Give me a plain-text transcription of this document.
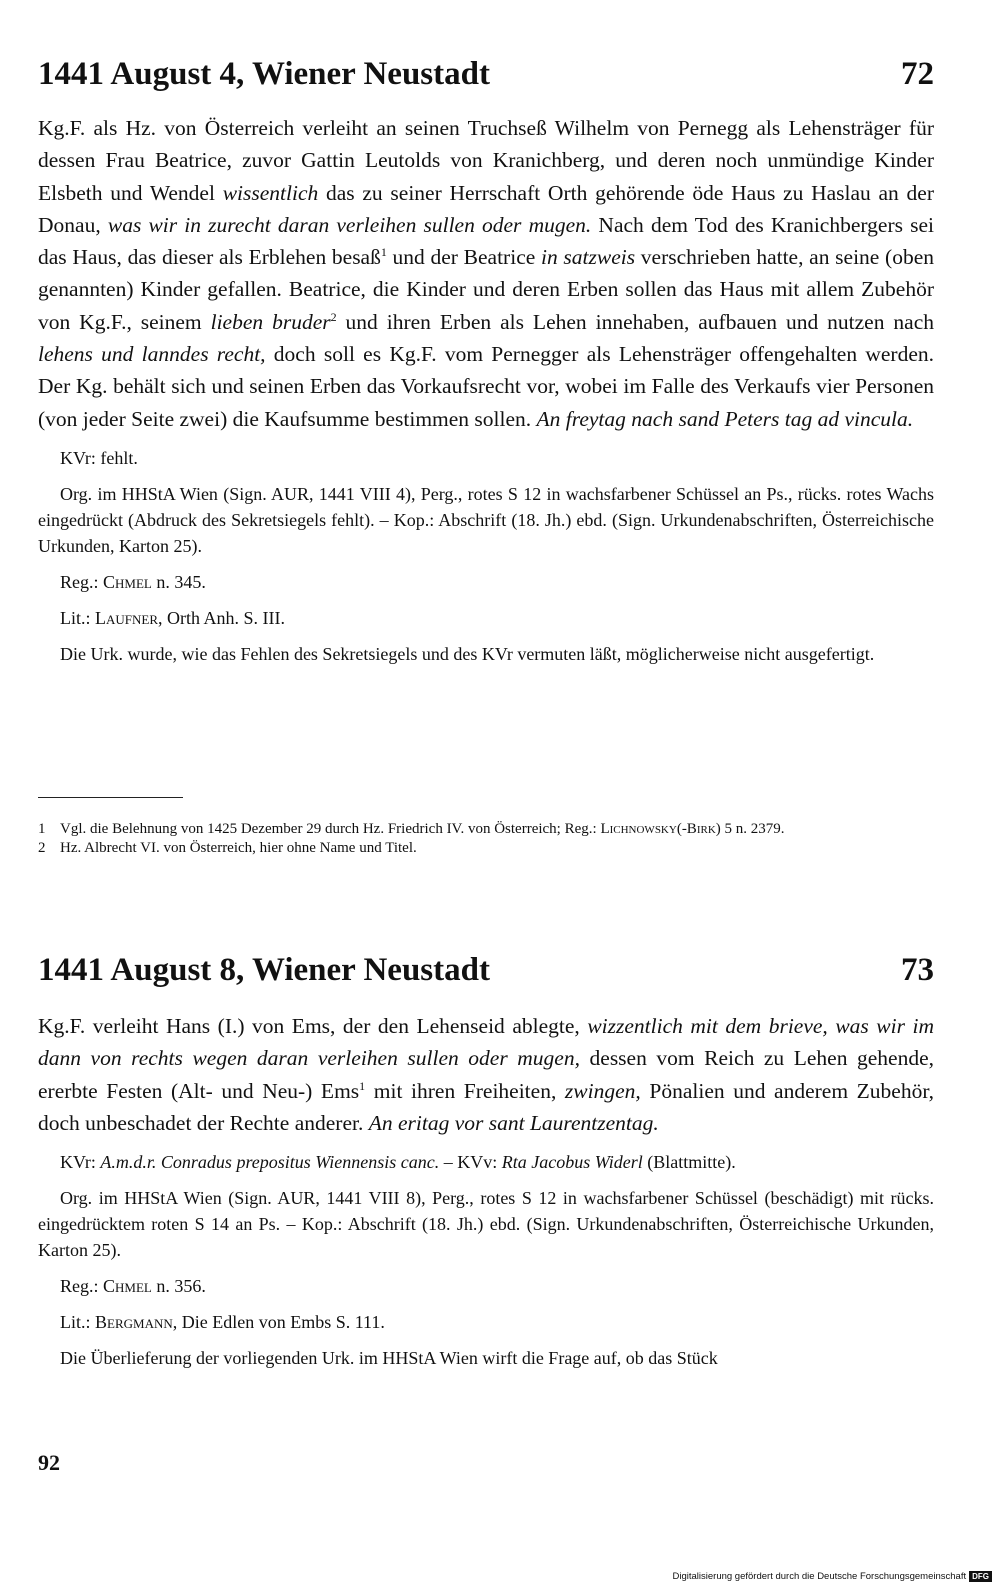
1441 August 4, Wiener Neustadt	72

Kg.F. als Hz. von Österreich verleiht an seinen Truchseß Wilhelm von Pernegg als Lehensträger für dessen Frau Beatrice, zuvor Gattin Leutolds von Kranichberg, und deren noch unmündige Kinder Elsbeth und Wendel wissentlich das zu seiner Herrschaft Orth gehörende öde Haus zu Haslau an der Donau, was wir in zurecht daran verleihen sullen oder mugen. Nach dem Tod des Kranichbergers sei das Haus, das dieser als Erblehen besaß$^1$ und der Beatrice in satzweis verschrieben hatte, an seine (oben genannten) Kinder gefallen. Beatrice, die Kinder und deren Erben sollen das Haus mit allem Zubehör von Kg.F., seinem lieben bruder$^2$ und ihren Erben als Lehen innehaben, aufbauen und nutzen nach lehens und lanndes recht, doch soll es Kg.F. vom Pernegger als Lehensträger offengehalten werden. Der Kg. behält sich und seinen Erben das Vorkaufsrecht vor, wobei im Falle des Verkaufs vier Personen (von jeder Seite zwei) die Kaufsumme bestimmen sollen. An freytag nach sand Peters tag ad vincula.

KVr: fehlt.

Org. im HHStA Wien (Sign. AUR, 1441 VIII 4), Perg., rotes S 12 in wachsfarbener Schüssel an Ps., rücks. rotes Wachs eingedrückt (Abdruck des Sekretsiegels fehlt). – Kop.: Abschrift (18. Jh.) ebd. (Sign. Urkundenabschriften, Österreichische Urkunden, Karton 25).

Reg.: Chmel n. 345.

Lit.: Laufner, Orth Anh. S. III.

Die Urk. wurde, wie das Fehlen des Sekretsiegels und des KVr vermuten läßt, möglicherweise nicht ausgefertigt.

1 Vgl. die Belehnung von 1425 Dezember 29 durch Hz. Friedrich IV. von Österreich; Reg.: Lichnowsky(-Birk) 5 n. 2379.
2 Hz. Albrecht VI. von Österreich, hier ohne Name und Titel.
1441 August 8, Wiener Neustadt	73

Kg.F. verleiht Hans (I.) von Ems, der den Lehenseid ablegte, wizzentlich mit dem brieve, was wir im dann von rechts wegen daran verleihen sullen oder mugen, dessen vom Reich zu Lehen gehende, ererbte Festen (Alt- und Neu-) Ems$^1$ mit ihren Freiheiten, zwingen, Pönalien und anderem Zubehör, doch unbeschadet der Rechte anderer. An eritag vor sant Laurentzentag.

KVr: A.m.d.r. Conradus prepositus Wiennensis canc. – KVv: Rta Jacobus Widerl (Blattmitte).

Org. im HHStA Wien (Sign. AUR, 1441 VIII 8), Perg., rotes S 12 in wachsfarbener Schüssel (beschädigt) mit rücks. eingedrücktem roten S 14 an Ps. – Kop.: Abschrift (18. Jh.) ebd. (Sign. Urkundenabschriften, Österreichische Urkunden, Karton 25).

Reg.: Chmel n. 356.

Lit.: Bergmann, Die Edlen von Embs S. 111.

Die Überlieferung der vorliegenden Urk. im HHStA Wien wirft die Frage auf, ob das Stück

92
Digitalisierung gefördert durch die Deutsche Forschungsgemeinschaft DFG
